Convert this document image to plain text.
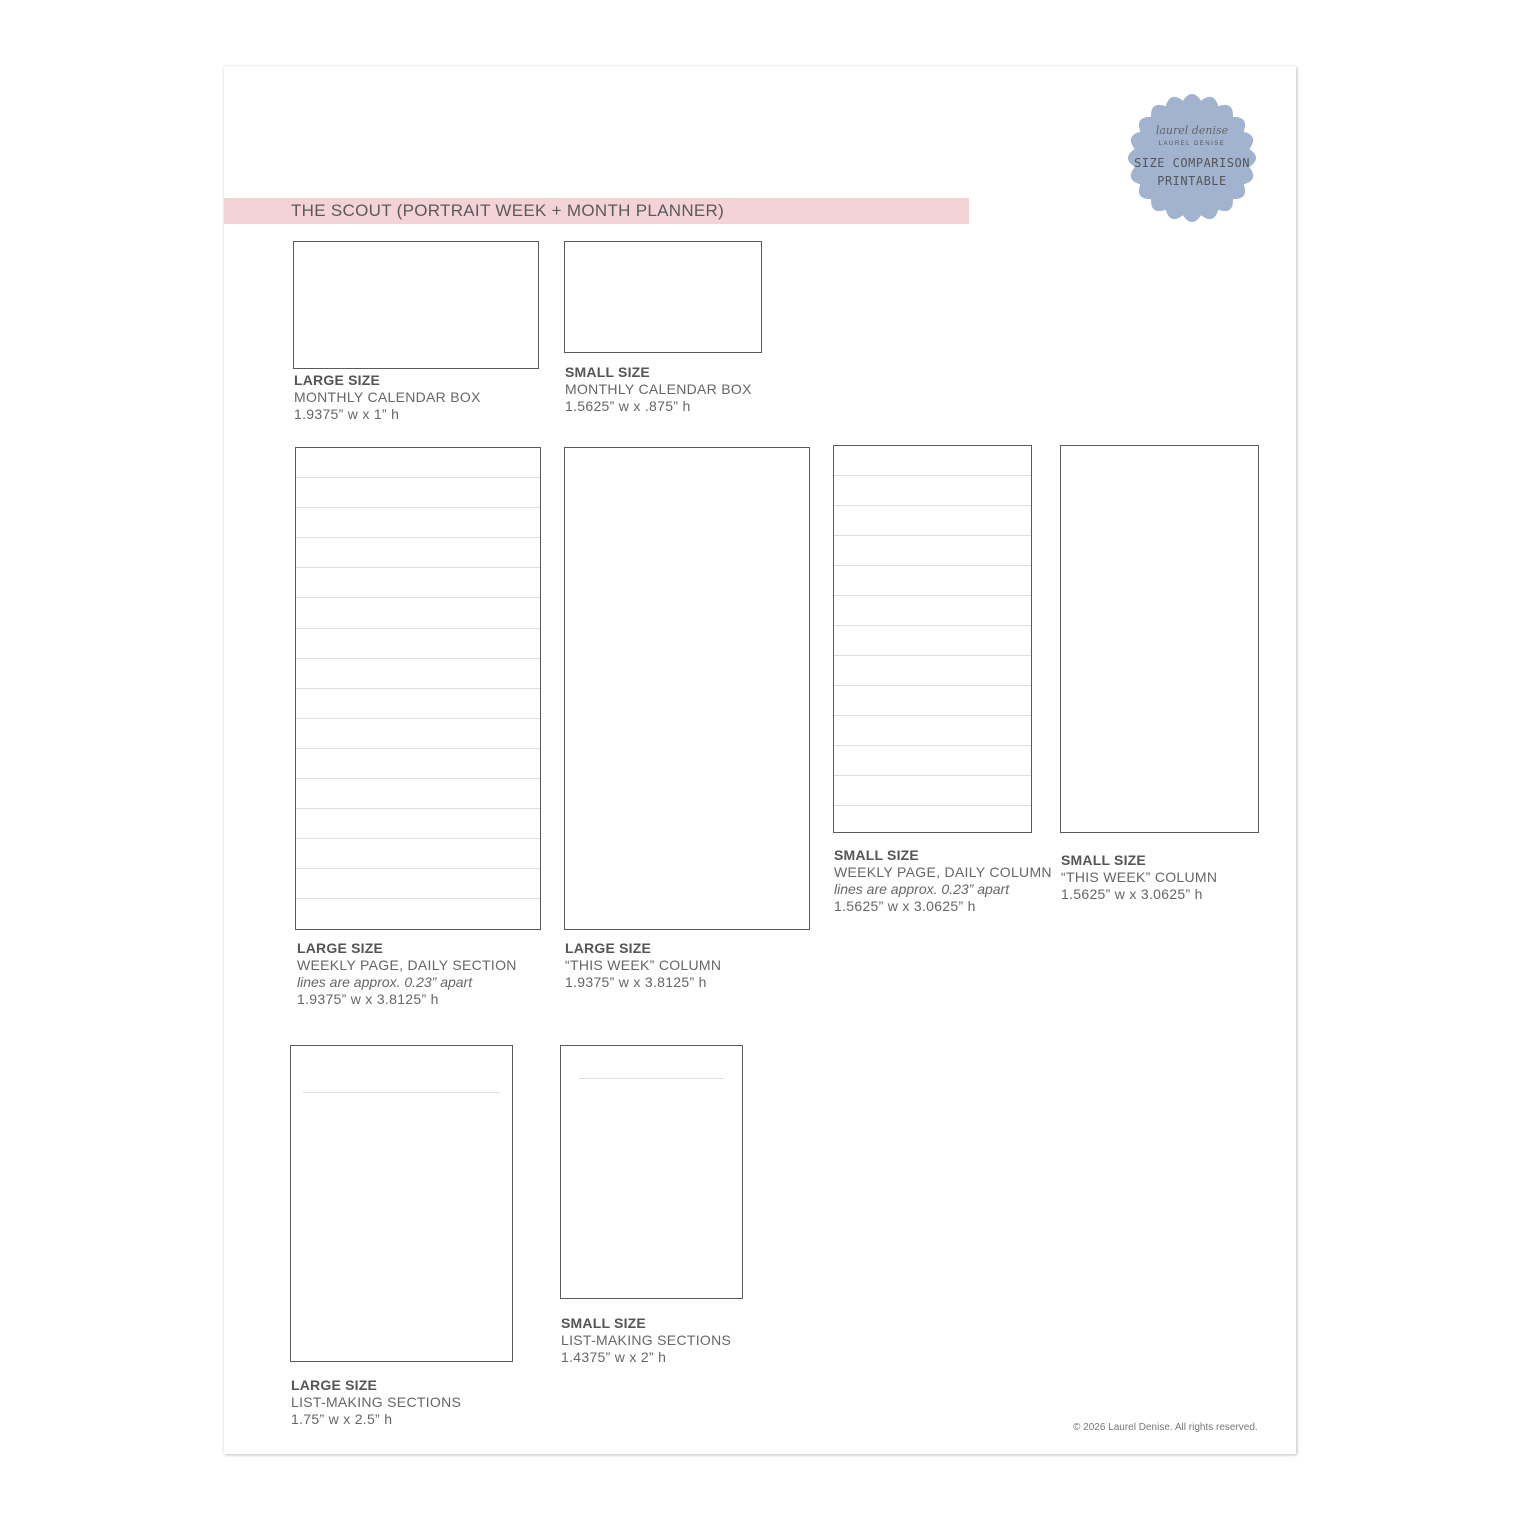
laurel denise
LAUREL DENISE
SIZE COMPARISON
PRINTABLE
THE SCOUT (PORTRAIT WEEK + MONTH PLANNER)
LARGE SIZE
MONTHLY CALENDAR BOX
1.9375” w x 1” h
SMALL SIZE
MONTHLY CALENDAR BOX
1.5625” w x .875” h
LARGE SIZE
WEEKLY PAGE, DAILY SECTION
lines are approx. 0.23” apart
1.9375” w x 3.8125” h
LARGE SIZE
“THIS WEEK” COLUMN
1.9375” w x 3.8125” h
SMALL SIZE
WEEKLY PAGE, DAILY COLUMN
lines are approx. 0.23” apart
1.5625” w x 3.0625” h
SMALL SIZE
“THIS WEEK” COLUMN
1.5625” w x 3.0625” h
LARGE SIZE
LIST-MAKING SECTIONS
1.75” w x 2.5” h
SMALL SIZE
LIST-MAKING SECTIONS
1.4375” w x 2” h
© 2026 Laurel Denise. All rights reserved.
